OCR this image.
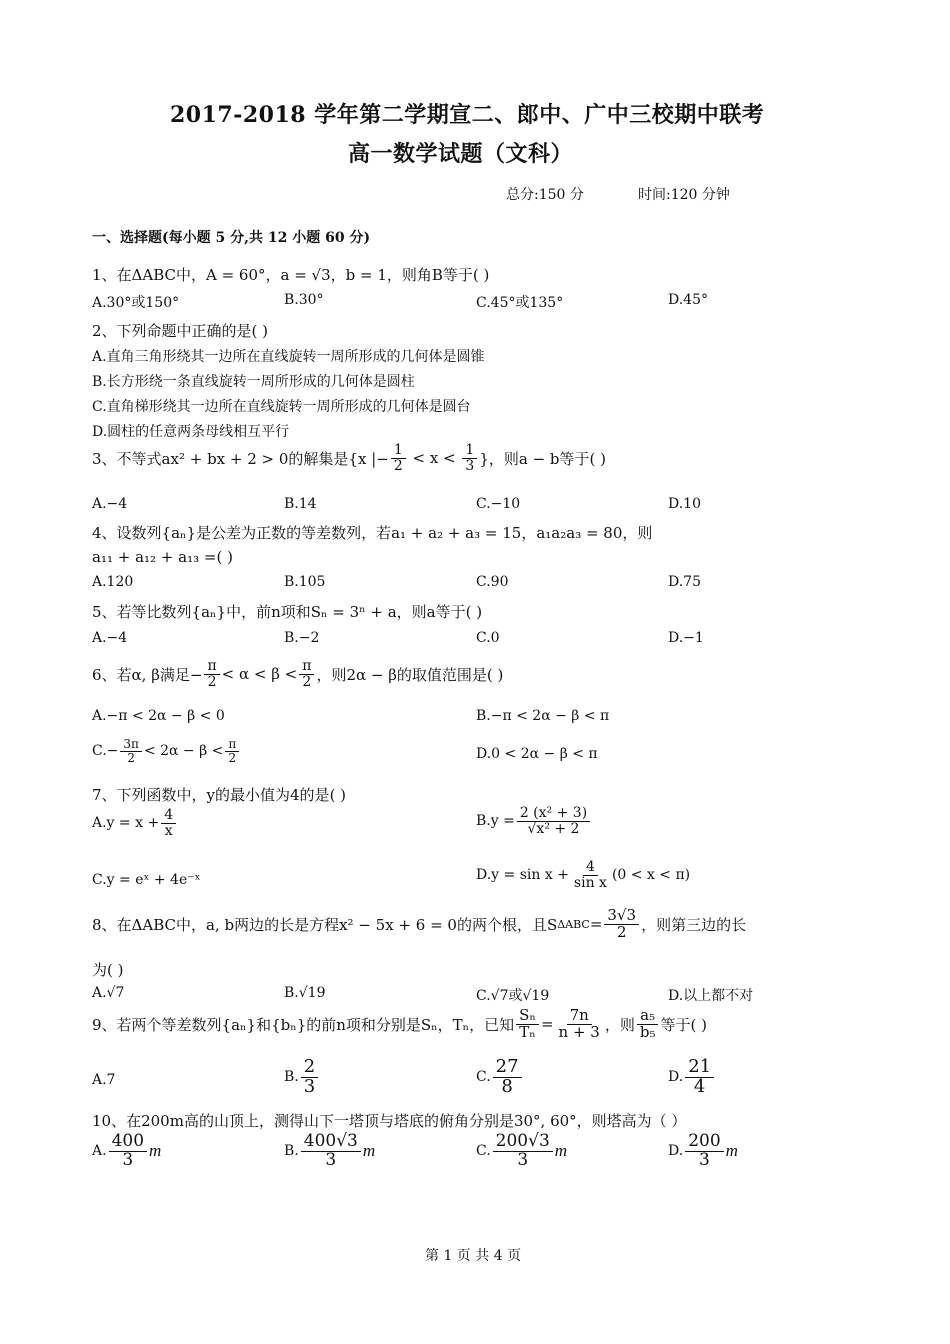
2017-2018 学年第二学期宣二、郎中、广中三校期中联考
高一数学试题（文科）
总分:150 分	时间:120 分钟
一、选择题(每小题 5 分,共 12 小题 60 分)
1、在ΔABC中，A = 60°，a = √3，b = 1，则角B等于( )
A.30°或150°	B.30°	C.45°或135°	D.45°
2、下列命题中正确的是( )
A.直角三角形绕其一边所在直线旋转一周所形成的几何体是圆锥
B.长方形绕一条直线旋转一周所形成的几何体是圆柱
C.直角梯形绕其一边所在直线旋转一周所形成的几何体是圆台
D.圆柱的任意两条母线相互平行
3、不等式ax² + bx + 2 > 0的解集是{x |− $\frac{1}{2} < x < \frac{1}{3}$ }，则a − b等于( )
A.−4	B.14	C.−10	D.10
4、设数列{aₙ}是公差为正数的等差数列，若a₁ + a₂ + a₃ = 15，a₁a₂a₃ = 80，则
a₁₁ + a₁₂ + a₁₃ =( )
A.120	B.105	C.90	D.75
5、若等比数列{aₙ}中，前n项和Sₙ = 3ⁿ + a，则a等于( )
A.−4	B.−2	C.0	D.−1
6、若α, β满足− $\frac{\pi}{2} < \alpha < \beta < \frac{\pi}{2}$ ，则2α − β的取值范围是( )
A.−π < 2α − β < 0	B.−π < 2α − β < π
$C.- \frac{3\pi}{2} < 2\alpha - \beta < \frac{\pi}{2}$	D.0 < 2α − β < π
7、下列函数中，y的最小值为4的是( )
$A.y = x + \frac{4}{x}$	$B.y = \frac{\text{2 (x² + 3)}}{\text{√x² + 2}}$
C.y = eˣ + 4e⁻ˣ	$D.y = \sin x + \frac{4}{\text{sin x}} (0 < x < \pi)$
8、在ΔABC中，a, b两边的长是方程x² − 5x + 6 = 0的两个根，且S $\Delta ABC = \frac{3√3}{2}$ ，则第三边的长
为( )
A.√7	B.√19	C.√7或√19	D.以上都不对
9、若两个等差数列{aₙ}和{bₙ}的前n项和分别是Sₙ，Tₙ，已知 $\frac{\text{Sₙ}}{\text{Tₙ}} = \frac{7n}{n + 3}$ ，则 $\frac{\text{a₅}}{\text{b₅}}$ 等于( )
A.7	B. $\frac{2}{3}$	C. $\frac{27}{8}$	D. $\frac{21}{4}$
10、在200m高的山顶上，测得山下一塔顶与塔底的俯角分别是30°, 60°，则塔高为（ ）
A. $\frac{400}{3}$ m	B. $\frac{400√3}{3}$ m	C. $\frac{200√3}{3}$ m	D. $\frac{200}{3}$ m
第 1 页 共 4 页
